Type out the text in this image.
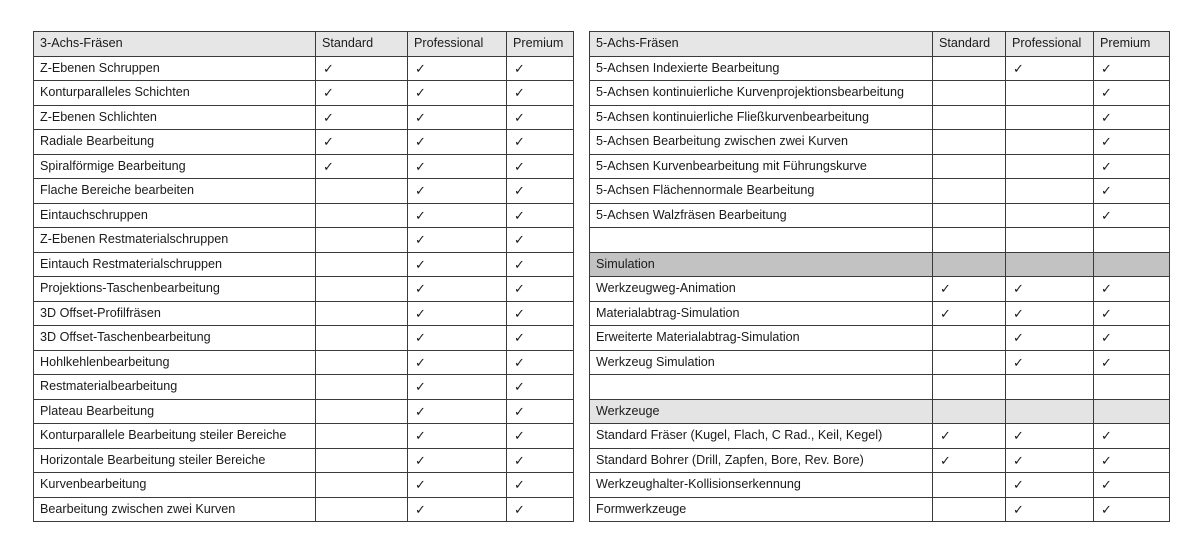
3-Achs-Fräsen	Standard	Professional	Premium
Z-Ebenen Schruppen	✓	✓	✓
Konturparalleles Schichten	✓	✓	✓
Z-Ebenen Schlichten	✓	✓	✓
Radiale Bearbeitung	✓	✓	✓
Spiralförmige Bearbeitung	✓	✓	✓
Flache Bereiche bearbeiten		✓	✓
Eintauchschruppen		✓	✓
Z-Ebenen Restmaterialschruppen		✓	✓
Eintauch Restmaterialschruppen		✓	✓
Projektions-Taschenbearbeitung		✓	✓
3D Offset-Profilfräsen		✓	✓
3D Offset-Taschenbearbeitung		✓	✓
Hohlkehlenbearbeitung		✓	✓
Restmaterialbearbeitung		✓	✓
Plateau Bearbeitung		✓	✓
Konturparallele Bearbeitung steiler Bereiche		✓	✓
Horizontale Bearbeitung steiler Bereiche		✓	✓
Kurvenbearbeitung		✓	✓
Bearbeitung zwischen zwei Kurven		✓	✓
5-Achs-Fräsen	Standard	Professional	Premium
5-Achsen Indexierte Bearbeitung		✓	✓
5-Achsen kontinuierliche Kurvenprojektionsbearbeitung			✓
5-Achsen kontinuierliche Fließkurvenbearbeitung			✓
5-Achsen Bearbeitung zwischen zwei Kurven			✓
5-Achsen Kurvenbearbeitung mit Führungskurve			✓
5-Achsen Flächennormale Bearbeitung			✓
5-Achsen Walzfräsen Bearbeitung			✓

Simulation			
Werkzeugweg-Animation	✓	✓	✓
Materialabtrag-Simulation	✓	✓	✓
Erweiterte Materialabtrag-Simulation		✓	✓
Werkzeug Simulation		✓	✓

Werkzeuge			
Standard Fräser (Kugel, Flach, C Rad., Keil, Kegel)	✓	✓	✓
Standard Bohrer (Drill, Zapfen, Bore, Rev. Bore)	✓	✓	✓
Werkzeughalter-Kollisionserkennung		✓	✓
Formwerkzeuge		✓	✓
